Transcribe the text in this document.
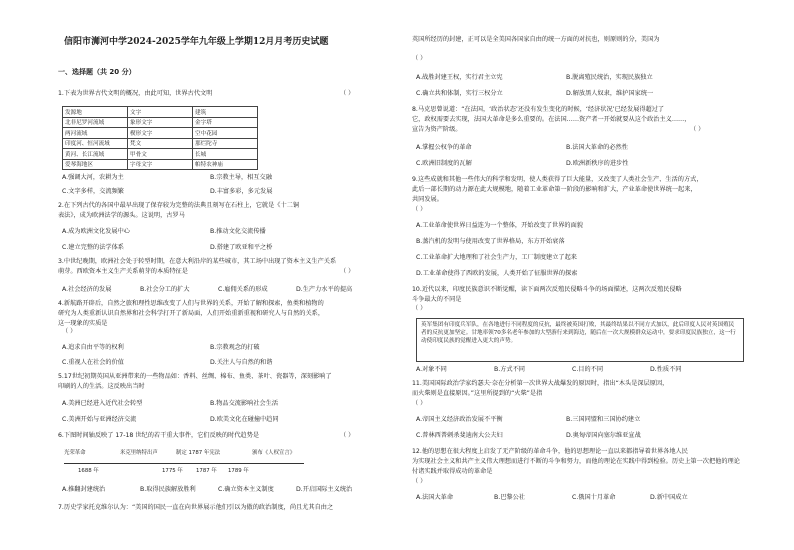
信阳市浉河中学2024-2025学年九年级上学期12月月考历史试题
一、选择题（共 20 分）
1.下表为世界古代文明的概况，由此可知，世界古代文明	（ ）
发源地	文字	建筑
北非尼罗河流域	象形文字	金字塔
两河流域	楔形文字	空中花园
印度河、恒河流域	梵文	那烂陀寺
黄河、长江流域	甲骨文	长城
爱琴海地区	字母文字	帕特农神庙
A.强调大河，农耕为主	B.宗教主导，相互交融
C.文字多样，交流频繁	D.丰富多彩，多元发展
2.在下列古代的各国中最早出现了保存较为完整的法典且刻写在石柱上，它就是《十二铜
表法》，成为欧洲法学的源头。这说明，古罗马
A.成为欧洲文化发展中心	B.推动文化交流传播
C.建立完整的法学体系	D.搭建了欧亚和平之桥
3.中世纪晚期，欧洲社会处于转型时期，在意大利沿岸的某些城市，其工场中出现了资本主义生产关系
萌芽。西欧资本主义生产关系萌芽的本质特征是	（ ）
A.社会经济的发展	B.社会分工的扩大	C.雇佣关系的形成	D.生产力水平的提高
4.新航路开辟后，自然之旅和理性思维改变了人们与世界的关系，开始了解和探索，鱼类和植物的
研究为人类重新认识自然界和社会科学打开了新局面，人们开始重新重视和研究人与自然的关系，
这一现象的实质是
（ ）
A.追求自由平等的权利	B.宗教观念的打破
C.重视人在社会的价值	D.关注人与自然的和谐
5.17世纪初期英国从亚洲带来的一些物品如：香料、丝绸、棉布、鱼类、茶叶、瓷器等，深刻影响了
印刷的人的生活。这反映出当时
A.美洲已经进入近代社会转型	B.物品交流影响社会生活
C.美洲开始与亚洲经济交流	D.欧美文化在碰撞中趋同
6.下图时间轴反映了 17-18 世纪的若干重大事件，它们反映的时代趋势是	（ ）
光荣革命	米克里纳特出声	制定 1787 年宪法	颁布《人权宣言》
1688 年	1775 年 1787 年 1789 年
A.推翻封建统治	B.取得民族解放胜利	C.确立资本主义制度	D.开启国际主义统治
7.历史学家托克维尔认为：“美国的国民一直在向世界展示他们引以为傲的政治制度，尚且尤其自由之
英国所经历的封建，正可以是全美国各国家自由的统一方面的对抗也，则原则的分，美国为
（ ）
A.战胜封建王权，实行君主立宪	B.脱离殖民统治，实现民族独立
C.确立共和体制，实行三权分立	D.解放黑人奴隶，维护国家统一
8.马克思曾说道：“在法国，‘政治状态’还没有发生变化的时候，‘经济状况’已经发展得超过了
它，政权需要去实现，法国大革命是多么重要的。在法国……资产者一开始就要从这个政治主义……，
宣告为资产阶级。	（ ）
A.掌握公权争的革命	B.法国大革命的必然性
C.欧洲旧制度的瓦解	D.欧洲新秩序的进步性
9.这些成就和其他一些伟大的科学和发明，使人类获得了巨大能量，又改变了人类社会生产、生活的方式，
此后一部长期的动力源在此大规模地，随着工业革命第一阶段的影响和扩大，产业革命使世界统一起来，
共同发展。
（ ）
A.工业革命使世界日益连为一个整体，开始改变了世界的面貌
B.蒸汽机的发明与使用改变了世界格局，东方开始衰落
C.工业革命扩大地理和了社会生产力，工厂制度建立了起来
D.工业革命使得了西欧的发展，人类开始了征服世界的探索
10.近代以来，印度民族意识不断觉醒，读下面两次反殖民侵略斗争的场面描述，这两次反殖民侵略
斗争最大的不同是
（ ）
英军集团有印度兵军队，在各地进行不同程度的反抗，最终被英国打败，其最终结果以不同方式加以，此后印度人民对英国殖民者的反抗更加坚定。甘地率领70多名老年参加的大型游行来到海边，随后在一次大规模群众运动中，要求印度民族独立，这一行动使印度民族的觉醒进入更大的声势。
A.对象不同	B.方式不同	C.目的不同	D.性质不同
11.美国国际政治学家约瑟夫·奈在分析第一次世界大战爆发的原因时，指出“木头是深层原因，
而火柴则是直接原因。”这里所提到的“火柴”是指
（ ）
A.帝国主义经济政治发展不平衡	B.三国同盟和三国协约建立
C.普林西普刺杀斐迪南大公夫妇	D.奥匈帝国向塞尔维亚宣战
12.他的思想在很大程度上启发了无产阶级的革命斗争，他的思想理论一直以来都指导着世界各地人民
为实现社会主义和共产主义伟大理想而进行不断的斗争和努力，而他的理论在实践中得到检验。历史上第一次把他的理论
付诸实践并取得成功的革命是
（ ）
A.法国大革命	B.巴黎公社	C.俄国十月革命	D.新中国成立
